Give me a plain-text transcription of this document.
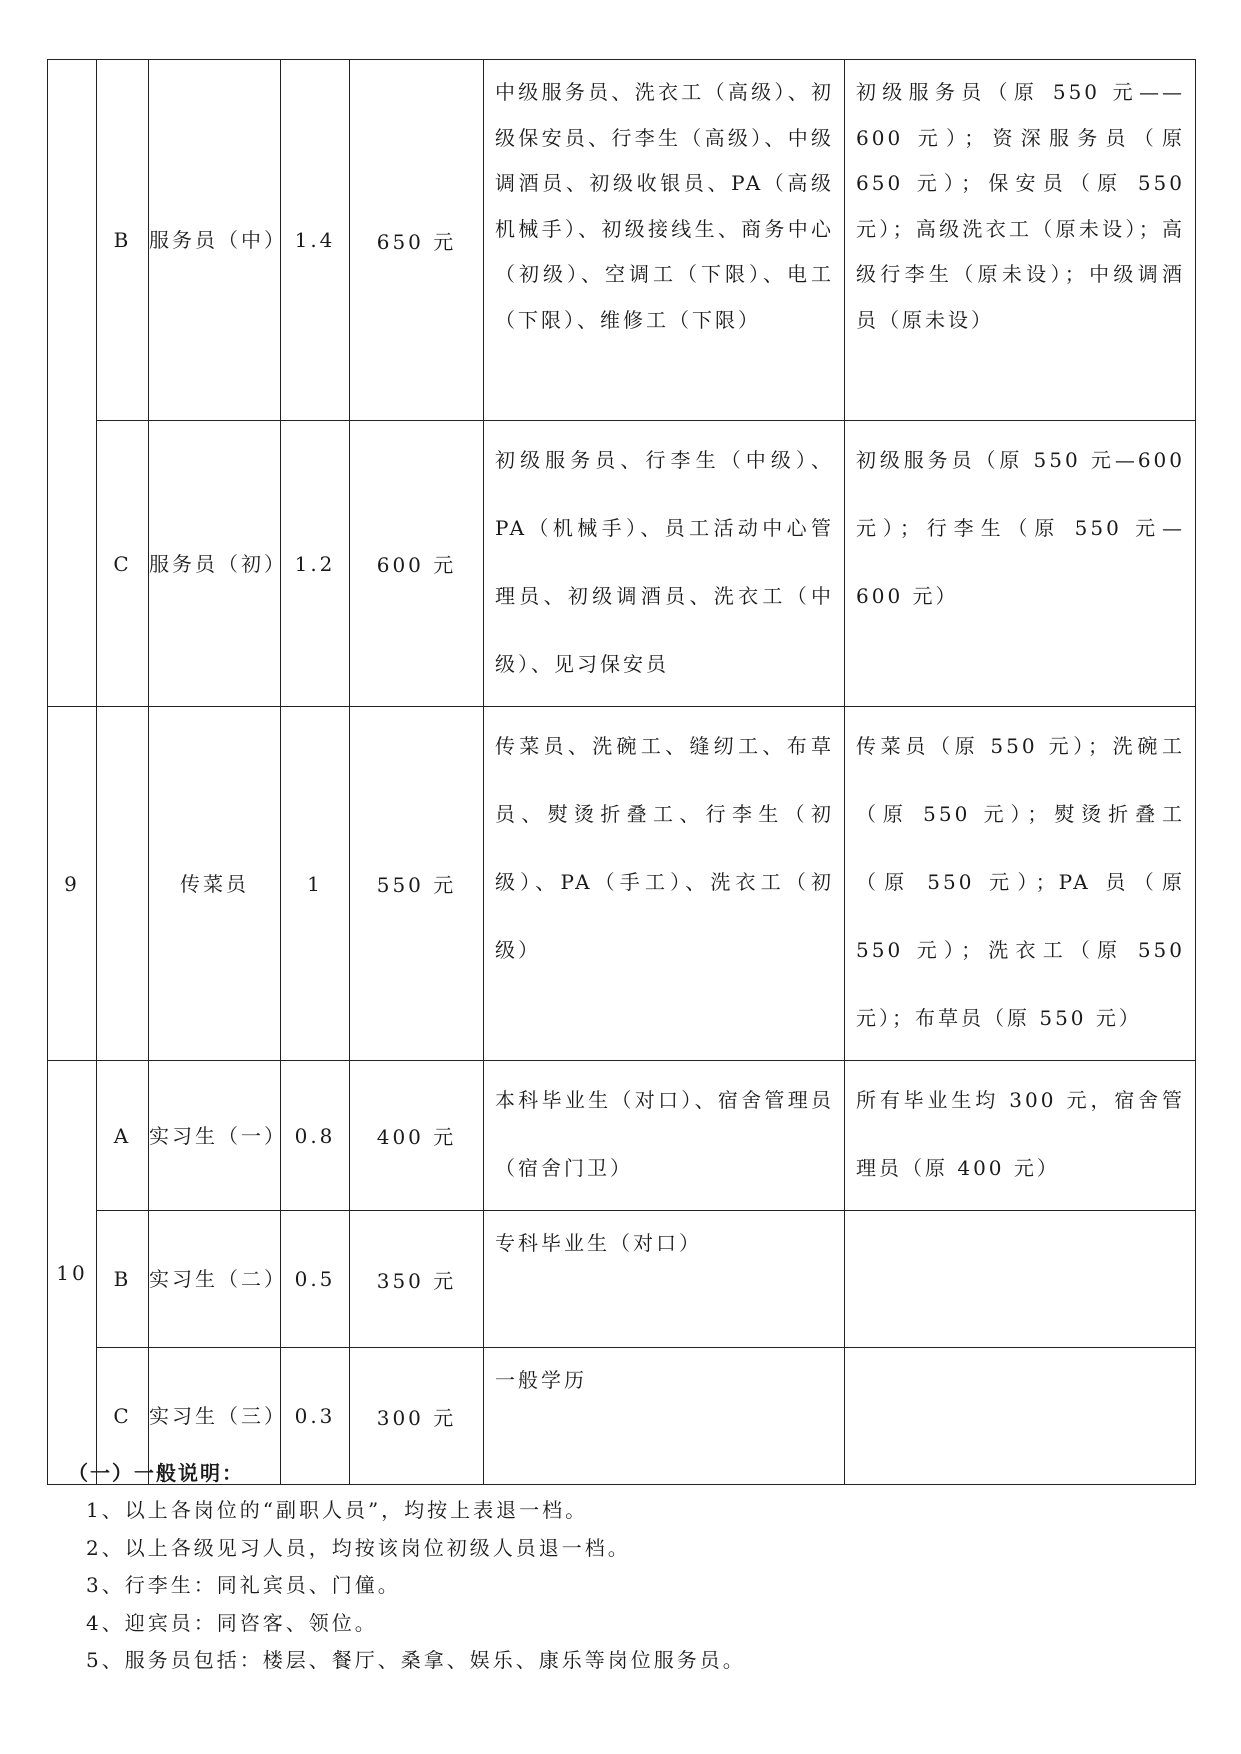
	B	服务员（中）	1.4	650 元	中级服务员、洗衣工（高级）、初级保安员、行李生（高级）、中级调酒员、初级收银员、PA（高级机械手）、初级接线生、商务中心（初级）、空调工（下限）、电工（下限）、维修工（下限）	初级服务员（原 550 元——600 元）；资深服务员（原 650 元）；保安员（原 550 元）；高级洗衣工（原未设）；高级行李生（原未设）；中级调酒员（原未设）
	C	服务员（初）	1.2	600 元	初级服务员、行李生（中级）、PA（机械手）、员工活动中心管理员、初级调酒员、洗衣工（中级）、见习保安员	初级服务员（原 550 元—600 元）；行李生（原 550 元—600 元）
9		传菜员	1	550 元	传菜员、洗碗工、缝纫工、布草员、熨烫折叠工、行李生（初级）、PA（手工）、洗衣工（初级）	传菜员（原 550 元）；洗碗工（原 550 元）；熨烫折叠工（原 550 元）；PA 员（原 550 元）；洗衣工（原 550 元）；布草员（原 550 元）
10	A	实习生（一）	0.8	400 元	本科毕业生（对口）、宿舍管理员（宿舍门卫）	所有毕业生均 300 元，宿舍管理员（原 400 元）
	B	实习生（二）	0.5	350 元	专科毕业生（对口）	
	C	实习生（三）	0.3	300 元	一般学历	
（一）一般说明：
1、以上各岗位的“副职人员”，均按上表退一档。
2、以上各级见习人员，均按该岗位初级人员退一档。
3、行李生：同礼宾员、门僮。
4、迎宾员：同咨客、领位。
5、服务员包括：楼层、餐厅、桑拿、娱乐、康乐等岗位服务员。
